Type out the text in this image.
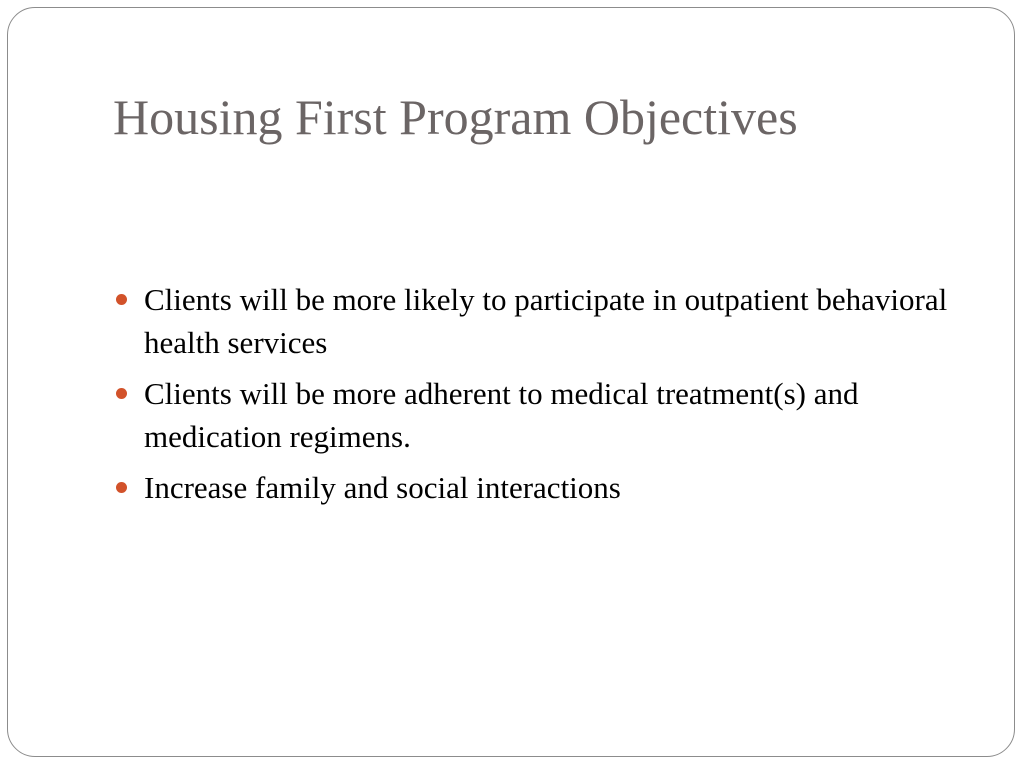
Housing First Program Objectives
Clients will be more likely to participate in outpatient behavioral health services
Clients will be more adherent to medical treatment(s) and medication regimens.
Increase family and social interactions
